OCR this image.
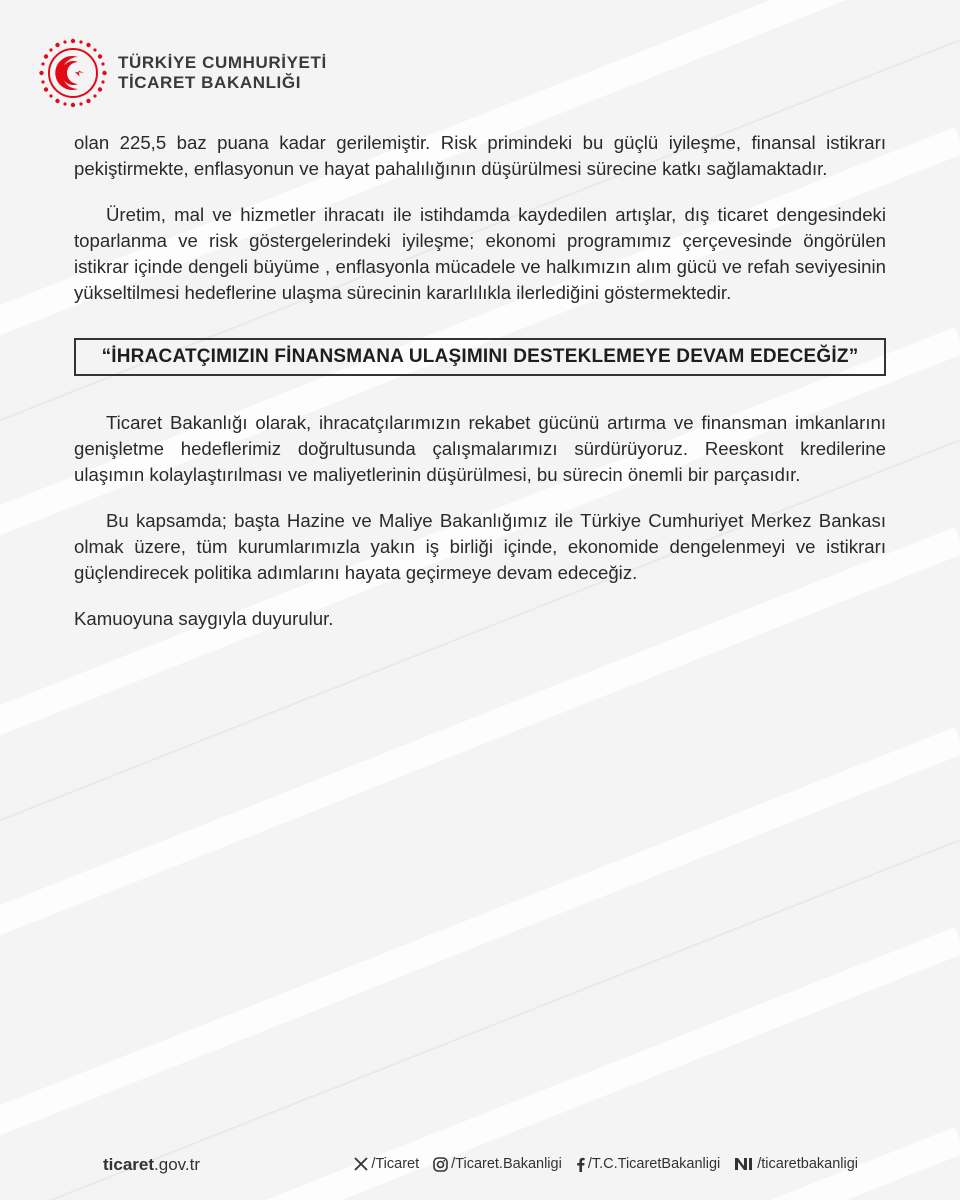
TÜRKİYE CUMHURİYETİ
TİCARET BAKANLIĞI

olan 225,5 baz puana kadar gerilemiştir. Risk primindeki bu güçlü iyileşme, finansal istikrarı pekiştirmekte, enflasyonun ve hayat pahalılığının düşürülmesi sürecine katkı sağlamaktadır.

Üretim, mal ve hizmetler ihracatı ile istihdamda kaydedilen artışlar, dış ticaret dengesindeki toparlanma ve risk göstergelerindeki iyileşme; ekonomi programımız çerçevesinde öngörülen istikrar içinde dengeli büyüme , enflasyonla mücadele ve halkımızın alım gücü ve refah seviyesinin yükseltilmesi hedeflerine ulaşma sürecinin kararlılıkla ilerlediğini göstermektedir.

“İHRACATÇIMIZIN FİNANSMANA ULAŞIMINI DESTEKLEMEYE DEVAM EDECEĞİZ”

Ticaret Bakanlığı olarak, ihracatçılarımızın rekabet gücünü artırma ve finansman imkanlarını genişletme hedeflerimiz doğrultusunda çalışmalarımızı sürdürüyoruz. Reeskont kredilerine ulaşımın kolaylaştırılması ve maliyetlerinin düşürülmesi, bu sürecin önemli bir parçasıdır.

Bu kapsamda; başta Hazine ve Maliye Bakanlığımız ile Türkiye Cumhuriyet Merkez Bankası olmak üzere, tüm kurumlarımızla yakın iş birliği içinde, ekonomide dengelenmeyi ve istikrarı güçlendirecek politika adımlarını hayata geçirmeye devam edeceğiz.

Kamuoyuna saygıyla duyurulur.

ticaret.gov.tr	/Ticaret /Ticaret.Bakanligi /T.C.TicaretBakanligi	/ticaretbakanligi
